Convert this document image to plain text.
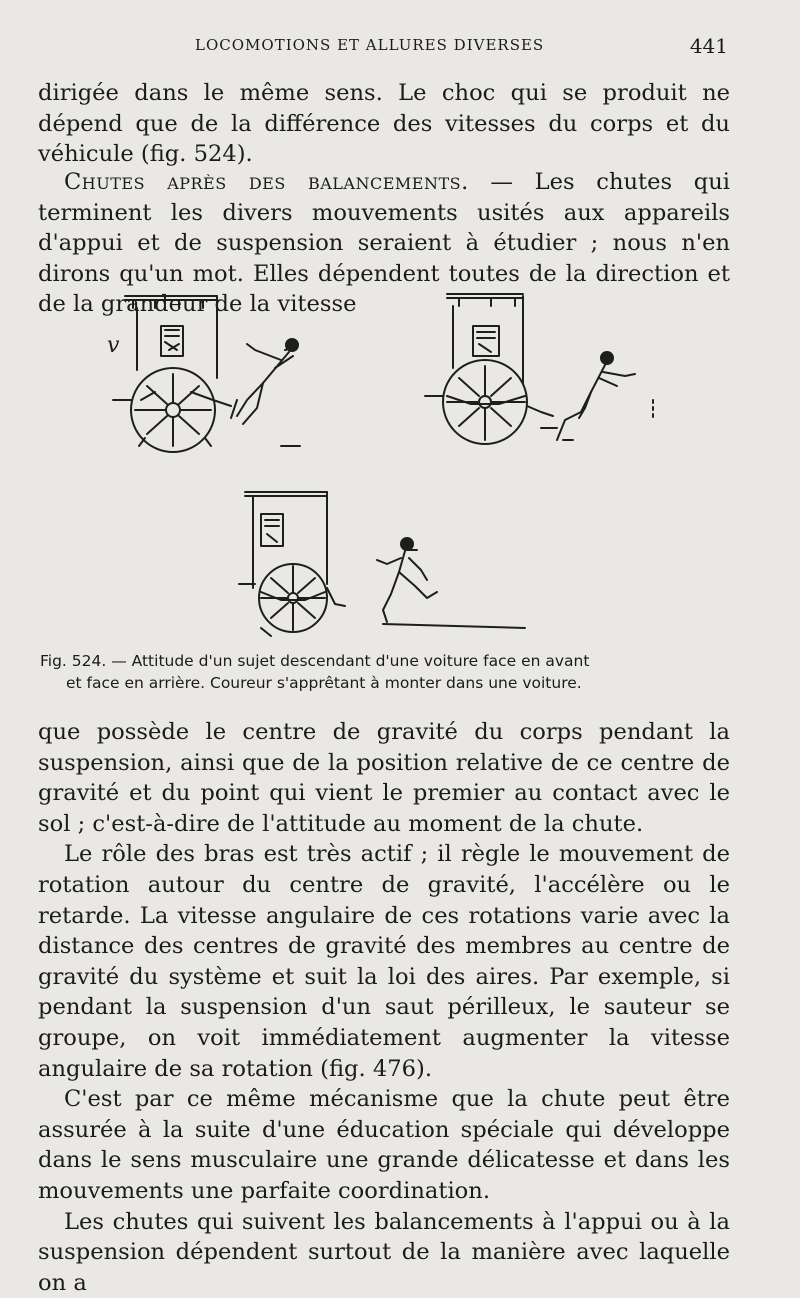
LOCOMOTIONS ET ALLURES DIVERSES	441

dirigée dans le même sens. Le choc qui se produit ne dépend que de la différence des vitesses du corps et du véhicule (fig. 524).

Chutes après des balancements. — Les chutes qui terminent les divers mouvements usités aux appareils d'appui et de suspension seraient à étudier ; nous n'en dirons qu'un mot. Elles dépendent toutes de la direction et de la grandeur de la vitesse

v
Fig. 524. — Attitude d'un sujet descendant d'une voiture face en avant
et face en arrière. Coureur s'apprêtant à monter dans une voiture.

que possède le centre de gravité du corps pendant la suspension, ainsi que de la position relative de ce centre de gravité et du point qui vient le premier au contact avec le sol ; c'est-à-dire de l'attitude au moment de la chute.

Le rôle des bras est très actif ; il règle le mouvement de rotation autour du centre de gravité, l'accélère ou le retarde. La vitesse angulaire de ces rotations varie avec la distance des centres de gravité des membres au centre de gravité du système et suit la loi des aires. Par exemple, si pendant la suspension d'un saut périlleux, le sauteur se groupe, on voit immédiatement augmenter la vitesse angulaire de sa rotation (fig. 476).

C'est par ce même mécanisme que la chute peut être assurée à la suite d'une éducation spéciale qui développe dans le sens musculaire une grande délicatesse et dans les mouvements une parfaite coordination.

Les chutes qui suivent les balancements à l'appui ou à la suspension dépendent surtout de la manière avec laquelle on a
